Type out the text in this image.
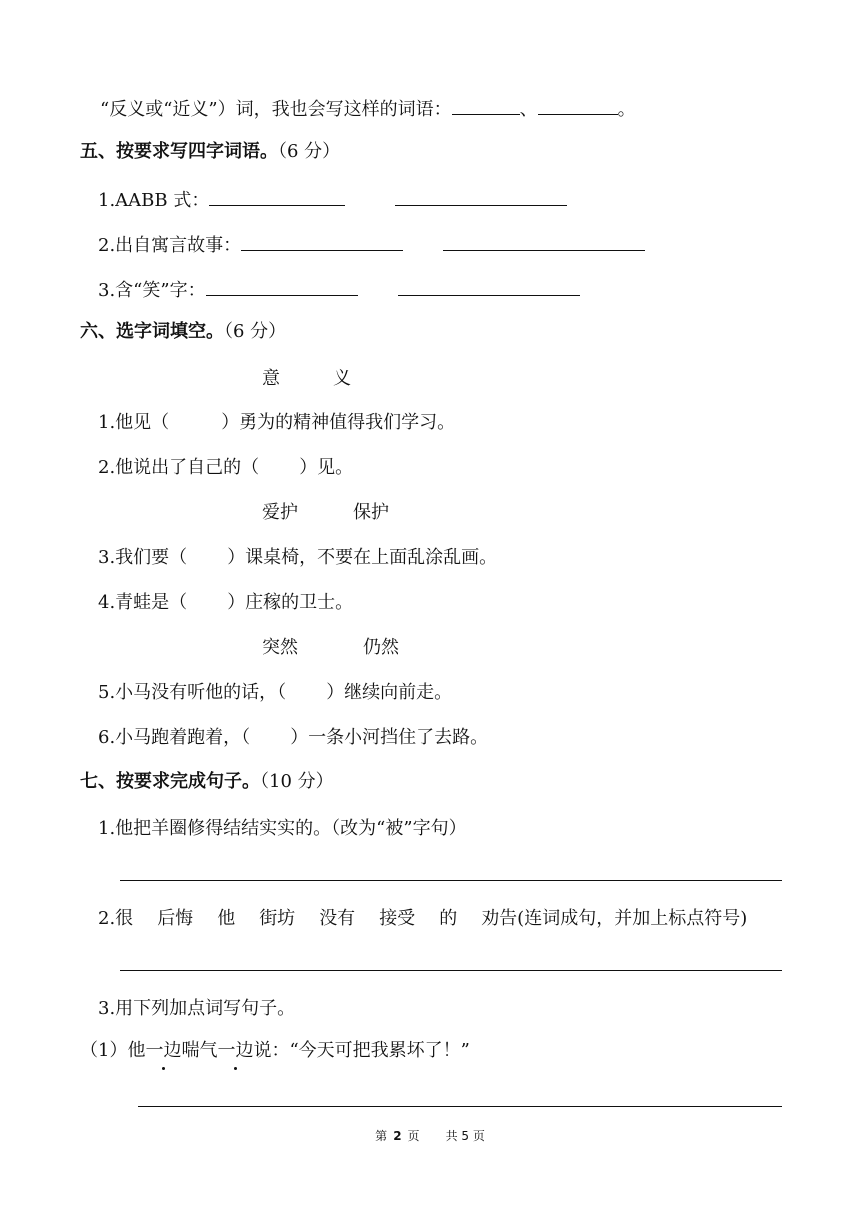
“反义或“近义”）词，我也会写这样的词语：	、	。
五、按要求写四字词语。（6 分）
1.AABB 式：
2.出自寓言故事：
3.含“笑”字：
六、选字词填空。（6 分）
意	义
1.他见（	）勇为的精神值得我们学习。
2.他说出了自己的（ ）见。
爱护	保护
3.我们要（ ）课桌椅，不要在上面乱涂乱画。
4.青蛙是（ ）庄稼的卫士。
突然	仍然
5.小马没有听他的话，（ ）继续向前走。
6.小马跑着跑着，（ ）一条小河挡住了去路。
七、按要求完成句子。（10 分）
1.他把羊圈修得结结实实的。（改为“被”字句）
2.很 后悔 他 街坊 没有 接受 的 劝告(连词成句，并加上标点符号)
3.用下列加点词写句子。
（1）他一边喘气一边说：“今天可把我累坏了！”
第 2 页 共 5 页
